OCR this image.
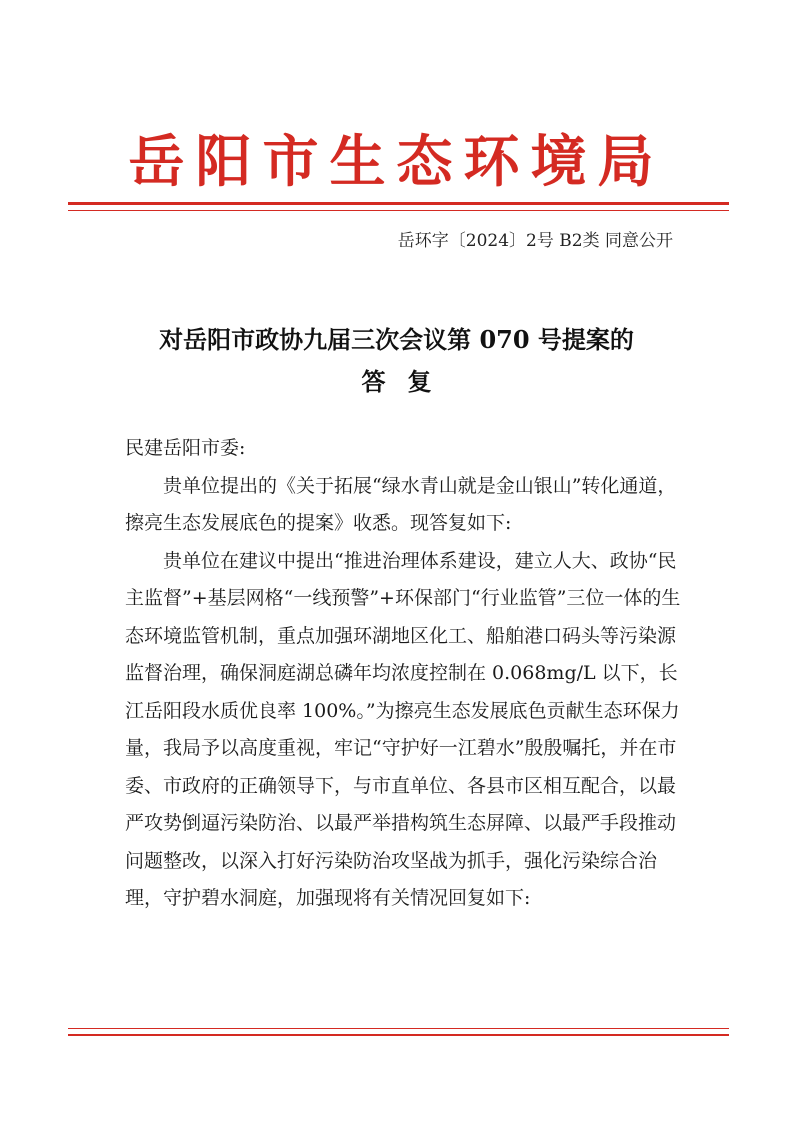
岳阳市生态环境局
岳环字〔2024〕2号 B2类 同意公开
对岳阳市政协九届三次会议第 070 号提案的
答复

民建岳阳市委:

贵单位提出的《关于拓展“绿水青山就是金山银山”转化通道，擦亮生态发展底色的提案》收悉。现答复如下:

贵单位在建议中提出“推进治理体系建设，建立人大、政协“民主监督”+基层网格“一线预警”+环保部门“行业监管”三位一体的生态环境监管机制，重点加强环湖地区化工、船舶港口码头等污染源监督治理，确保洞庭湖总磷年均浓度控制在 0.068mg/L 以下，长江岳阳段水质优良率 100%。”为擦亮生态发展底色贡献生态环保力量，我局予以高度重视，牢记“守护好一江碧水”殷殷嘱托，并在市委、市政府的正确领导下，与市直单位、各县市区相互配合，以最严攻势倒逼污染防治、以最严举措构筑生态屏障、以最严手段推动问题整改，以深入打好污染防治攻坚战为抓手，强化污染综合治理，守护碧水洞庭，加强现将有关情况回复如下:
